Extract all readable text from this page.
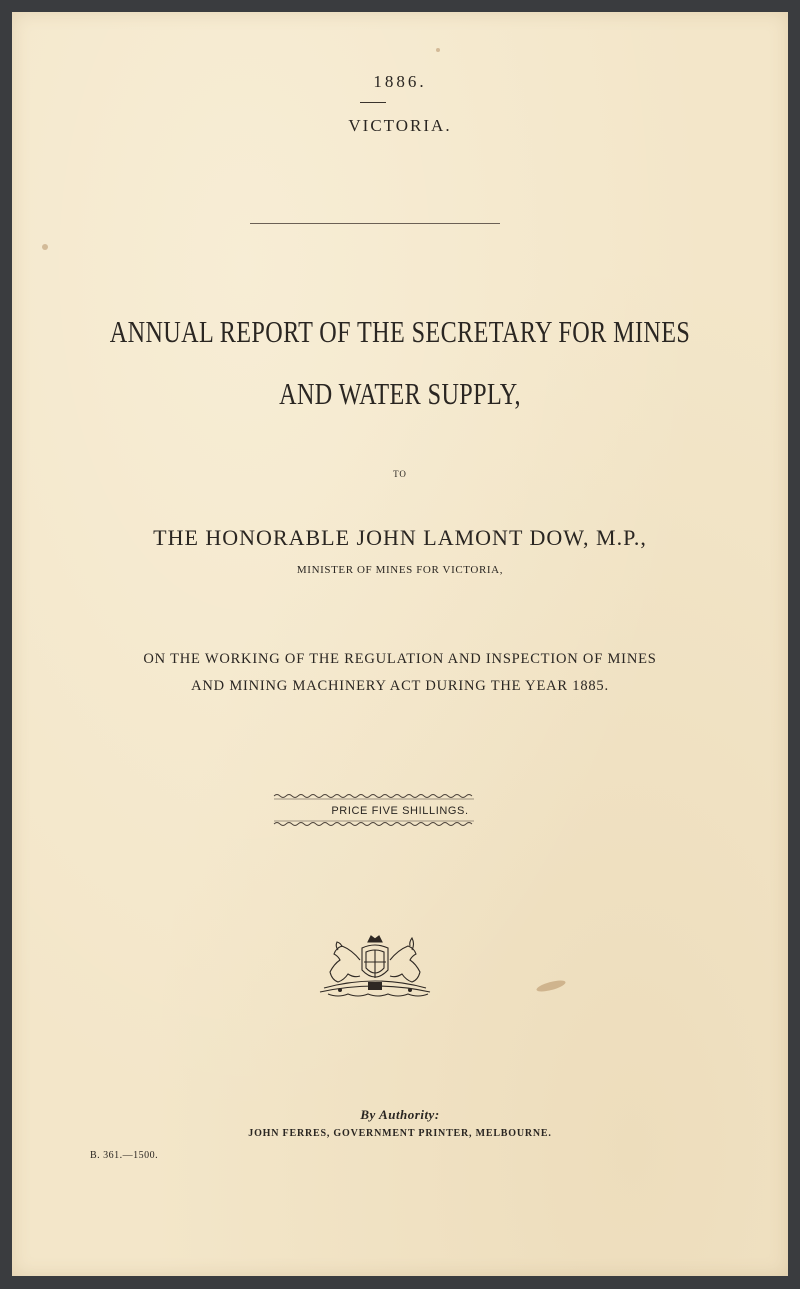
1886.
VICTORIA.
ANNUAL REPORT OF THE SECRETARY FOR MINES
AND WATER SUPPLY,
TO
THE HONORABLE JOHN LAMONT DOW, M.P.,
MINISTER OF MINES FOR VICTORIA,
ON THE WORKING OF THE REGULATION AND INSPECTION OF MINES
AND MINING MACHINERY ACT DURING THE YEAR 1885.
PRICE FIVE SHILLINGS.
By Authority:
JOHN FERRES, GOVERNMENT PRINTER, MELBOURNE.
B. 361.—1500.
